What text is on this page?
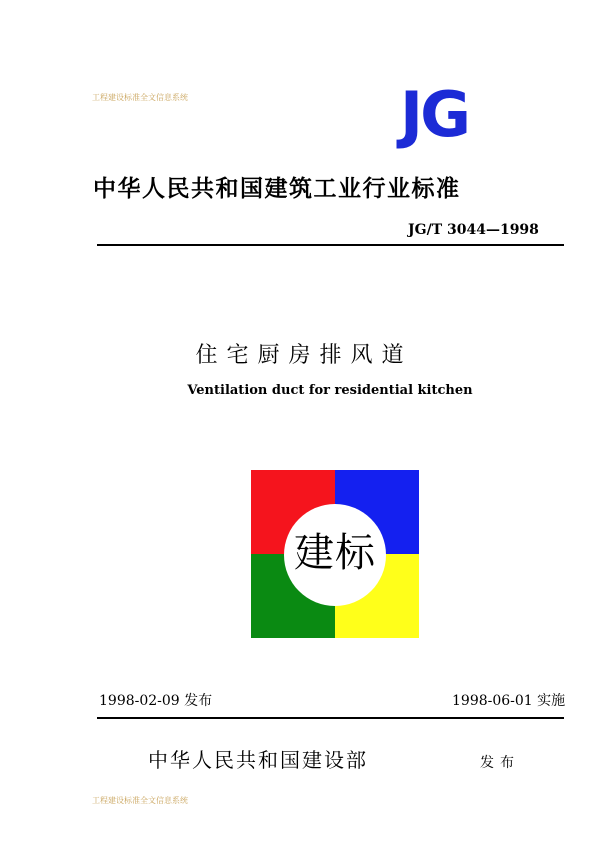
工程建设标准全文信息系统	JG
中华人民共和国建筑工业行业标准
JG/T 3044—1998
住宅厨房排风道
Ventilation duct for residential kitchen
建标
1998-02-09 发布	1998-06-01 实施
中华人民共和国建设部	发布
工程建设标准全文信息系统
